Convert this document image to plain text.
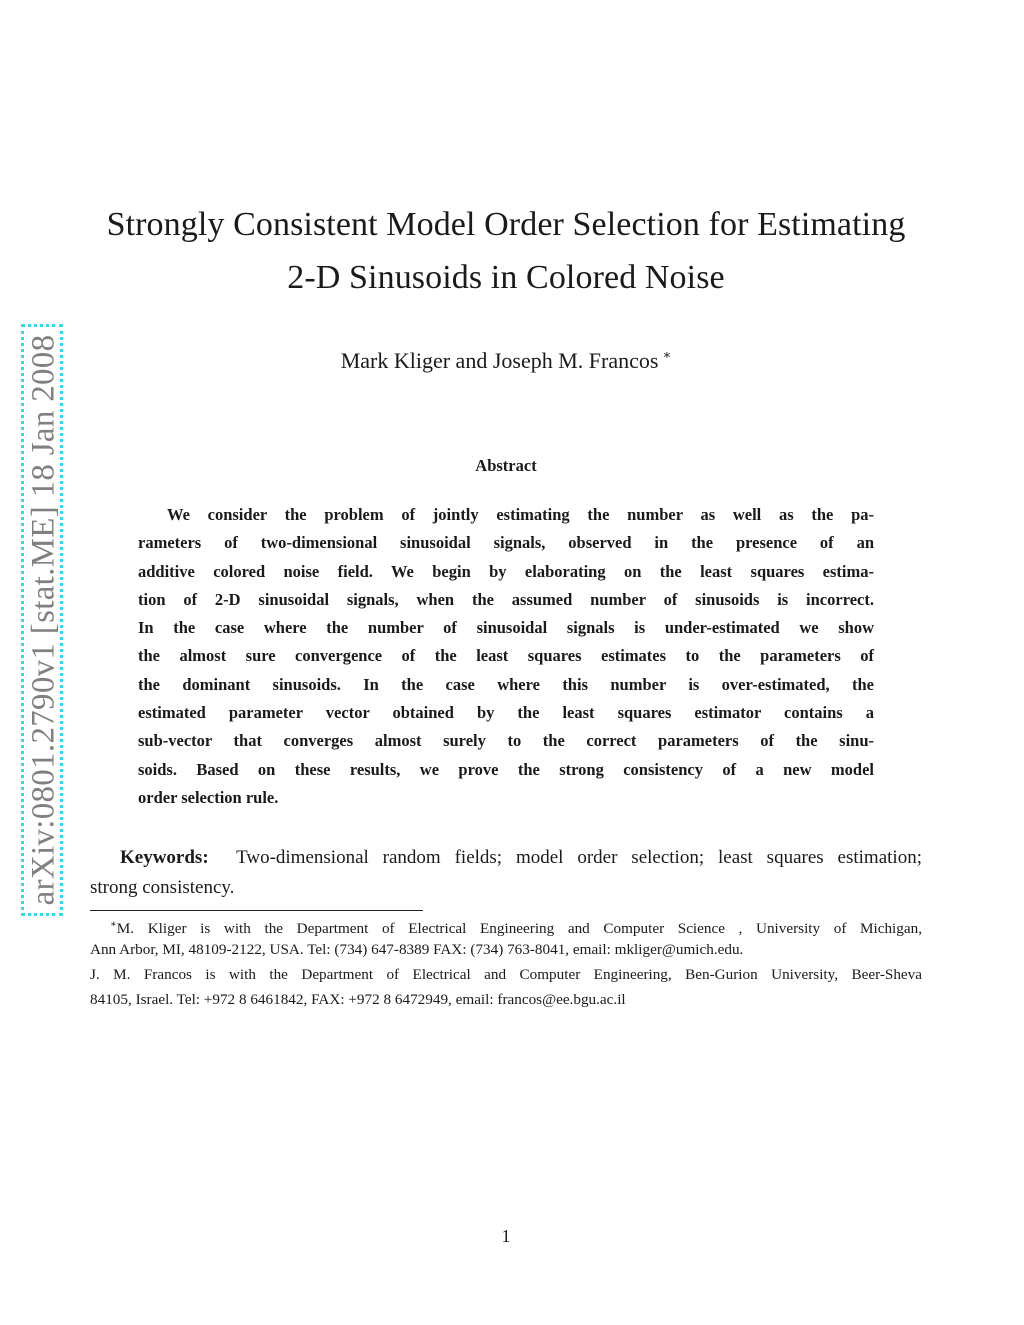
arXiv:0801.2790v1 [stat.ME] 18 Jan 2008
Strongly Consistent Model Order Selection for Estimating
2-D Sinusoids in Colored Noise
Mark Kliger and Joseph M. Francos ∗
Abstract
We consider the problem of jointly estimating the number as well as the pa-
rameters of two-dimensional sinusoidal signals, observed in the presence of an
additive colored noise field. We begin by elaborating on the least squares estima-
tion of 2-D sinusoidal signals, when the assumed number of sinusoids is incorrect.
In the case where the number of sinusoidal signals is under-estimated we show
the almost sure convergence of the least squares estimates to the parameters of
the dominant sinusoids. In the case where this number is over-estimated, the
estimated parameter vector obtained by the least squares estimator contains a
sub-vector that converges almost surely to the correct parameters of the sinu-
soids. Based on these results, we prove the strong consistency of a new model
order selection rule.
Keywords: Two-dimensional random fields; model order selection; least squares estimation;
strong consistency.
∗M. Kliger is with the Department of Electrical Engineering and Computer Science , University of Michigan,
Ann Arbor, MI, 48109-2122, USA. Tel: (734) 647-8389 FAX: (734) 763-8041, email: mkliger@umich.edu.
J. M. Francos is with the Department of Electrical and Computer Engineering, Ben-Gurion University, Beer-Sheva
84105, Israel. Tel: +972 8 6461842, FAX: +972 8 6472949, email: francos@ee.bgu.ac.il
1
